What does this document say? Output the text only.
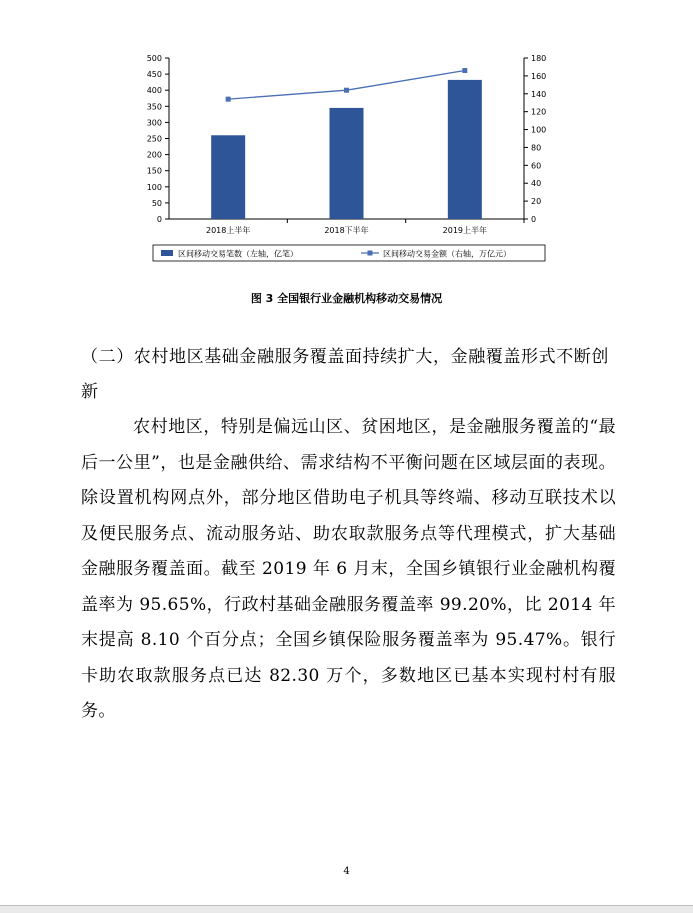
0
50
100
150
200
250
300
350
400
450
500
0
20
40
60
80
100
120
140
160
180
2018上半年	2018下半年	2019上半年
区间移动交易笔数（左轴，亿笔）	区间移动交易金额（右轴，万亿元）
图 3 全国银行业金融机构移动交易情况
（二）农村地区基础金融服务覆盖面持续扩大，金融覆盖形式不断创新
农村地区，特别是偏远山区、贫困地区，是金融服务覆盖的“最后一公里”，也是金融供给、需求结构不平衡问题在区域层面的表现。除设置机构网点外，部分地区借助电子机具等终端、移动互联技术以及便民服务点、流动服务站、助农取款服务点等代理模式，扩大基础金融服务覆盖面。截至 2019 年 6 月末，全国乡镇银行业金融机构覆盖率为 95.65%，行政村基础金融服务覆盖率 99.20%，比 2014 年末提高 8.10 个百分点；全国乡镇保险服务覆盖率为 95.47%。银行卡助农取款服务点已达 82.30 万个，多数地区已基本实现村村有服务。
4
